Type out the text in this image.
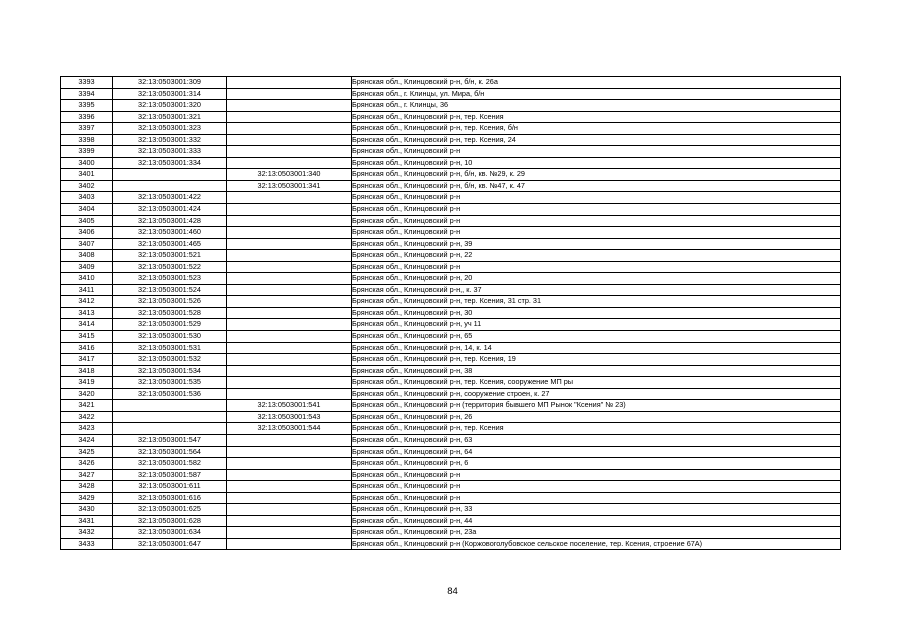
3393	32:13:0503001:309		Брянская обл., Клинцовский р-н, б/н, к. 26а
3394	32:13:0503001:314		Брянская обл., г. Клинцы, ул. Мира, б/н
3395	32:13:0503001:320		Брянская обл., г. Клинцы, 36
3396	32:13:0503001:321		Брянская обл., Клинцовский р-н, тер. Ксения
3397	32:13:0503001:323		Брянская обл., Клинцовский р-н, тер. Ксения, б/н
3398	32:13:0503001:332		Брянская обл., Клинцовский р-н, тер. Ксения, 24
3399	32:13:0503001:333		Брянская обл., Клинцовский р-н
3400	32:13:0503001:334		Брянская обл., Клинцовский р-н, 10
3401		32:13:0503001:340	Брянская обл., Клинцовский р-н, б/н, кв. №29, к. 29
3402		32:13:0503001:341	Брянская обл., Клинцовский р-н, б/н, кв. №47, к. 47
3403	32:13:0503001:422		Брянская обл., Клинцовский р-н
3404	32:13:0503001:424		Брянская обл., Клинцовский р-н
3405	32:13:0503001:428		Брянская обл., Клинцовский р-н
3406	32:13:0503001:460		Брянская обл., Клинцовский р-н
3407	32:13:0503001:465		Брянская обл., Клинцовский р-н, 39
3408	32:13:0503001:521		Брянская обл., Клинцовский р-н, 22
3409	32:13:0503001:522		Брянская обл., Клинцовский р-н
3410	32:13:0503001:523		Брянская обл., Клинцовский р-н, 20
3411	32:13:0503001:524		Брянская обл., Клинцовский р-н,, к. 37
3412	32:13:0503001:526		Брянская обл., Клинцовский р-н, тер. Ксения, 31 стр. 31
3413	32:13:0503001:528		Брянская обл., Клинцовский р-н, 30
3414	32:13:0503001:529		Брянская обл., Клинцовский р-н, уч 11
3415	32:13:0503001:530		Брянская обл., Клинцовский р-н, 65
3416	32:13:0503001:531		Брянская обл., Клинцовский р-н, 14, к. 14
3417	32:13:0503001:532		Брянская обл., Клинцовский р-н, тер. Ксения, 19
3418	32:13:0503001:534		Брянская обл., Клинцовский р-н, 38
3419	32:13:0503001:535		Брянская обл., Клинцовский р-н, тер. Ксения, сооружение МП ры
3420	32:13:0503001:536		Брянская обл., Клинцовский р-н, сооружение строен, к. 27
3421		32:13:0503001:541	Брянская обл., Клинцовский р-н (территория бывшего МП Рынок "Ксения" № 23)
3422		32:13:0503001:543	Брянская обл., Клинцовский р-н, 26
3423		32:13:0503001:544	Брянская обл., Клинцовский р-н, тер. Ксения
3424	32:13:0503001:547		Брянская обл., Клинцовский р-н, 63
3425	32:13:0503001:564		Брянская обл., Клинцовский р-н, 64
3426	32:13:0503001:582		Брянская обл., Клинцовский р-н, 6
3427	32:13:0503001:587		Брянская обл., Клинцовский р-н
3428	32:13:0503001:611		Брянская обл., Клинцовский р-н
3429	32:13:0503001:616		Брянская обл., Клинцовский р-н
3430	32:13:0503001:625		Брянская обл., Клинцовский р-н, 33
3431	32:13:0503001:628		Брянская обл., Клинцовский р-н, 44
3432	32:13:0503001:634		Брянская обл., Клинцовский р-н, 23а
3433	32:13:0503001:647		Брянская обл., Клинцовский р-н (Коржовоголубовское сельское поселение, тер. Ксения, строение 67А)
84
